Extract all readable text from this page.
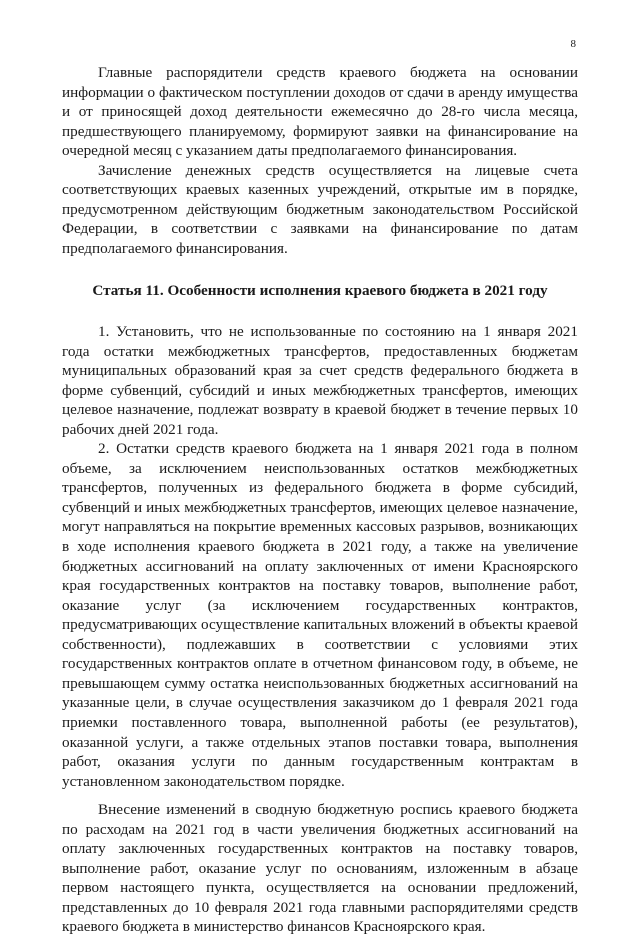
8

Главные распорядители средств краевого бюджета на основании информации о фактическом поступлении доходов от сдачи в аренду имущества и от приносящей доход деятельности ежемесячно до 28-го числа месяца, предшествующего планируемому, формируют заявки на финансирование на очередной месяц с указанием даты предполагаемого финансирования.

Зачисление денежных средств осуществляется на лицевые счета соответствующих краевых казенных учреждений, открытые им в порядке, предусмотренном действующим бюджетным законодательством Российской Федерации, в соответствии с заявками на финансирование по датам предполагаемого финансирования.

Статья 11. Особенности исполнения краевого бюджета в 2021 году

1. Установить, что не использованные по состоянию на 1 января 2021 года остатки межбюджетных трансфертов, предоставленных бюджетам муниципальных образований края за счет средств федерального бюджета в форме субвенций, субсидий и иных межбюджетных трансфертов, имеющих целевое назначение, подлежат возврату в краевой бюджет в течение первых 10 рабочих дней 2021 года.

2. Остатки средств краевого бюджета на 1 января 2021 года в полном объеме, за исключением неиспользованных остатков межбюджетных трансфертов, полученных из федерального бюджета в форме субсидий, субвенций и иных межбюджетных трансфертов, имеющих целевое назначение, могут направляться на покрытие временных кассовых разрывов, возникающих в ходе исполнения краевого бюджета в 2021 году, а также на увеличение бюджетных ассигнований на оплату заключенных от имени Красноярского края государственных контрактов на поставку товаров, выполнение работ, оказание услуг (за исключением государственных контрактов, предусматривающих осуществление капитальных вложений в объекты краевой собственности), подлежавших в соответствии с условиями этих государственных контрактов оплате в отчетном финансовом году, в объеме, не превышающем сумму остатка неиспользованных бюджетных ассигнований на указанные цели, в случае осуществления заказчиком до 1 февраля 2021 года приемки поставленного товара, выполненной работы (ее результатов), оказанной услуги, а также отдельных этапов поставки товара, выполнения работ, оказания услуги по данным государственным контрактам в установленном законодательством порядке.

Внесение изменений в сводную бюджетную роспись краевого бюджета по расходам на 2021 год в части увеличения бюджетных ассигнований на оплату заключенных государственных контрактов на поставку товаров, выполнение работ, оказание услуг по основаниям, изложенным в абзаце первом настоящего пункта, осуществляется на основании предложений, представленных до 10 февраля 2021 года главными распорядителями средств краевого бюджета в министерство финансов Красноярского края.
